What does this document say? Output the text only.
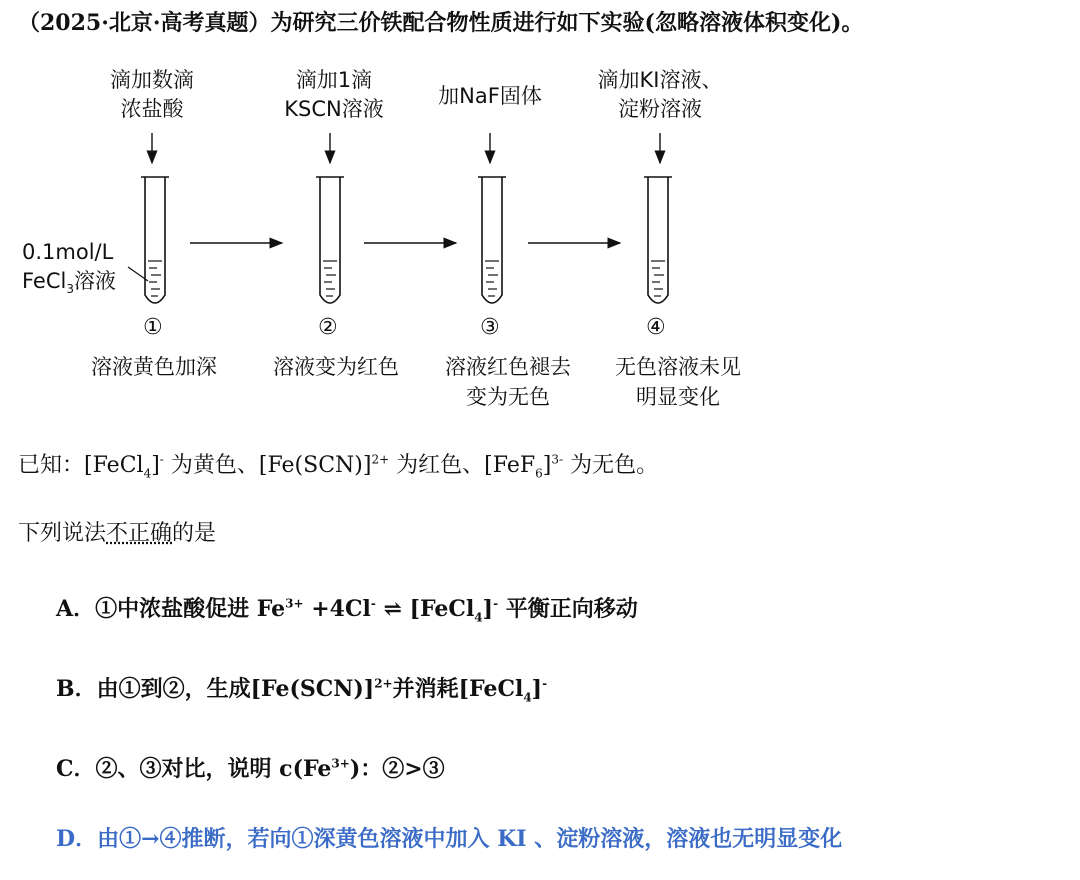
（2025·北京·高考真题）为研究三价铁配合物性质进行如下实验(忽略溶液体积变化)。
滴加数滴
浓盐酸
滴加1滴
KSCN溶液
加NaF固体
滴加KI溶液、
淀粉溶液
0.1mol/L
FeCl$_3$溶液
①	②	③	④
溶液黄色加深	溶液变为红色	溶液红色褪去
变为无色
无色溶液未见
明显变化
已知：[FeCl$_4$]- 为黄色、$[Fe(SCN)]^{2+}$ 为红色、$[FeF_6]^{3-}$ 为无色。
下列说法不正确的是
A．①中浓盐酸促进 $Fe^{3+} +4Cl^-$ ⇌ [FeCl$_4$]- 平衡正向移动
B．由①到②，生成$[Fe(SCN)]^{2+}$并消耗[FeCl$_4$]-
C．②、③对比，说明 $c(Fe^{3+})$：②>③
D．由①→④推断，若向①深黄色溶液中加入 KI 、淀粉溶液，溶液也无明显变化
